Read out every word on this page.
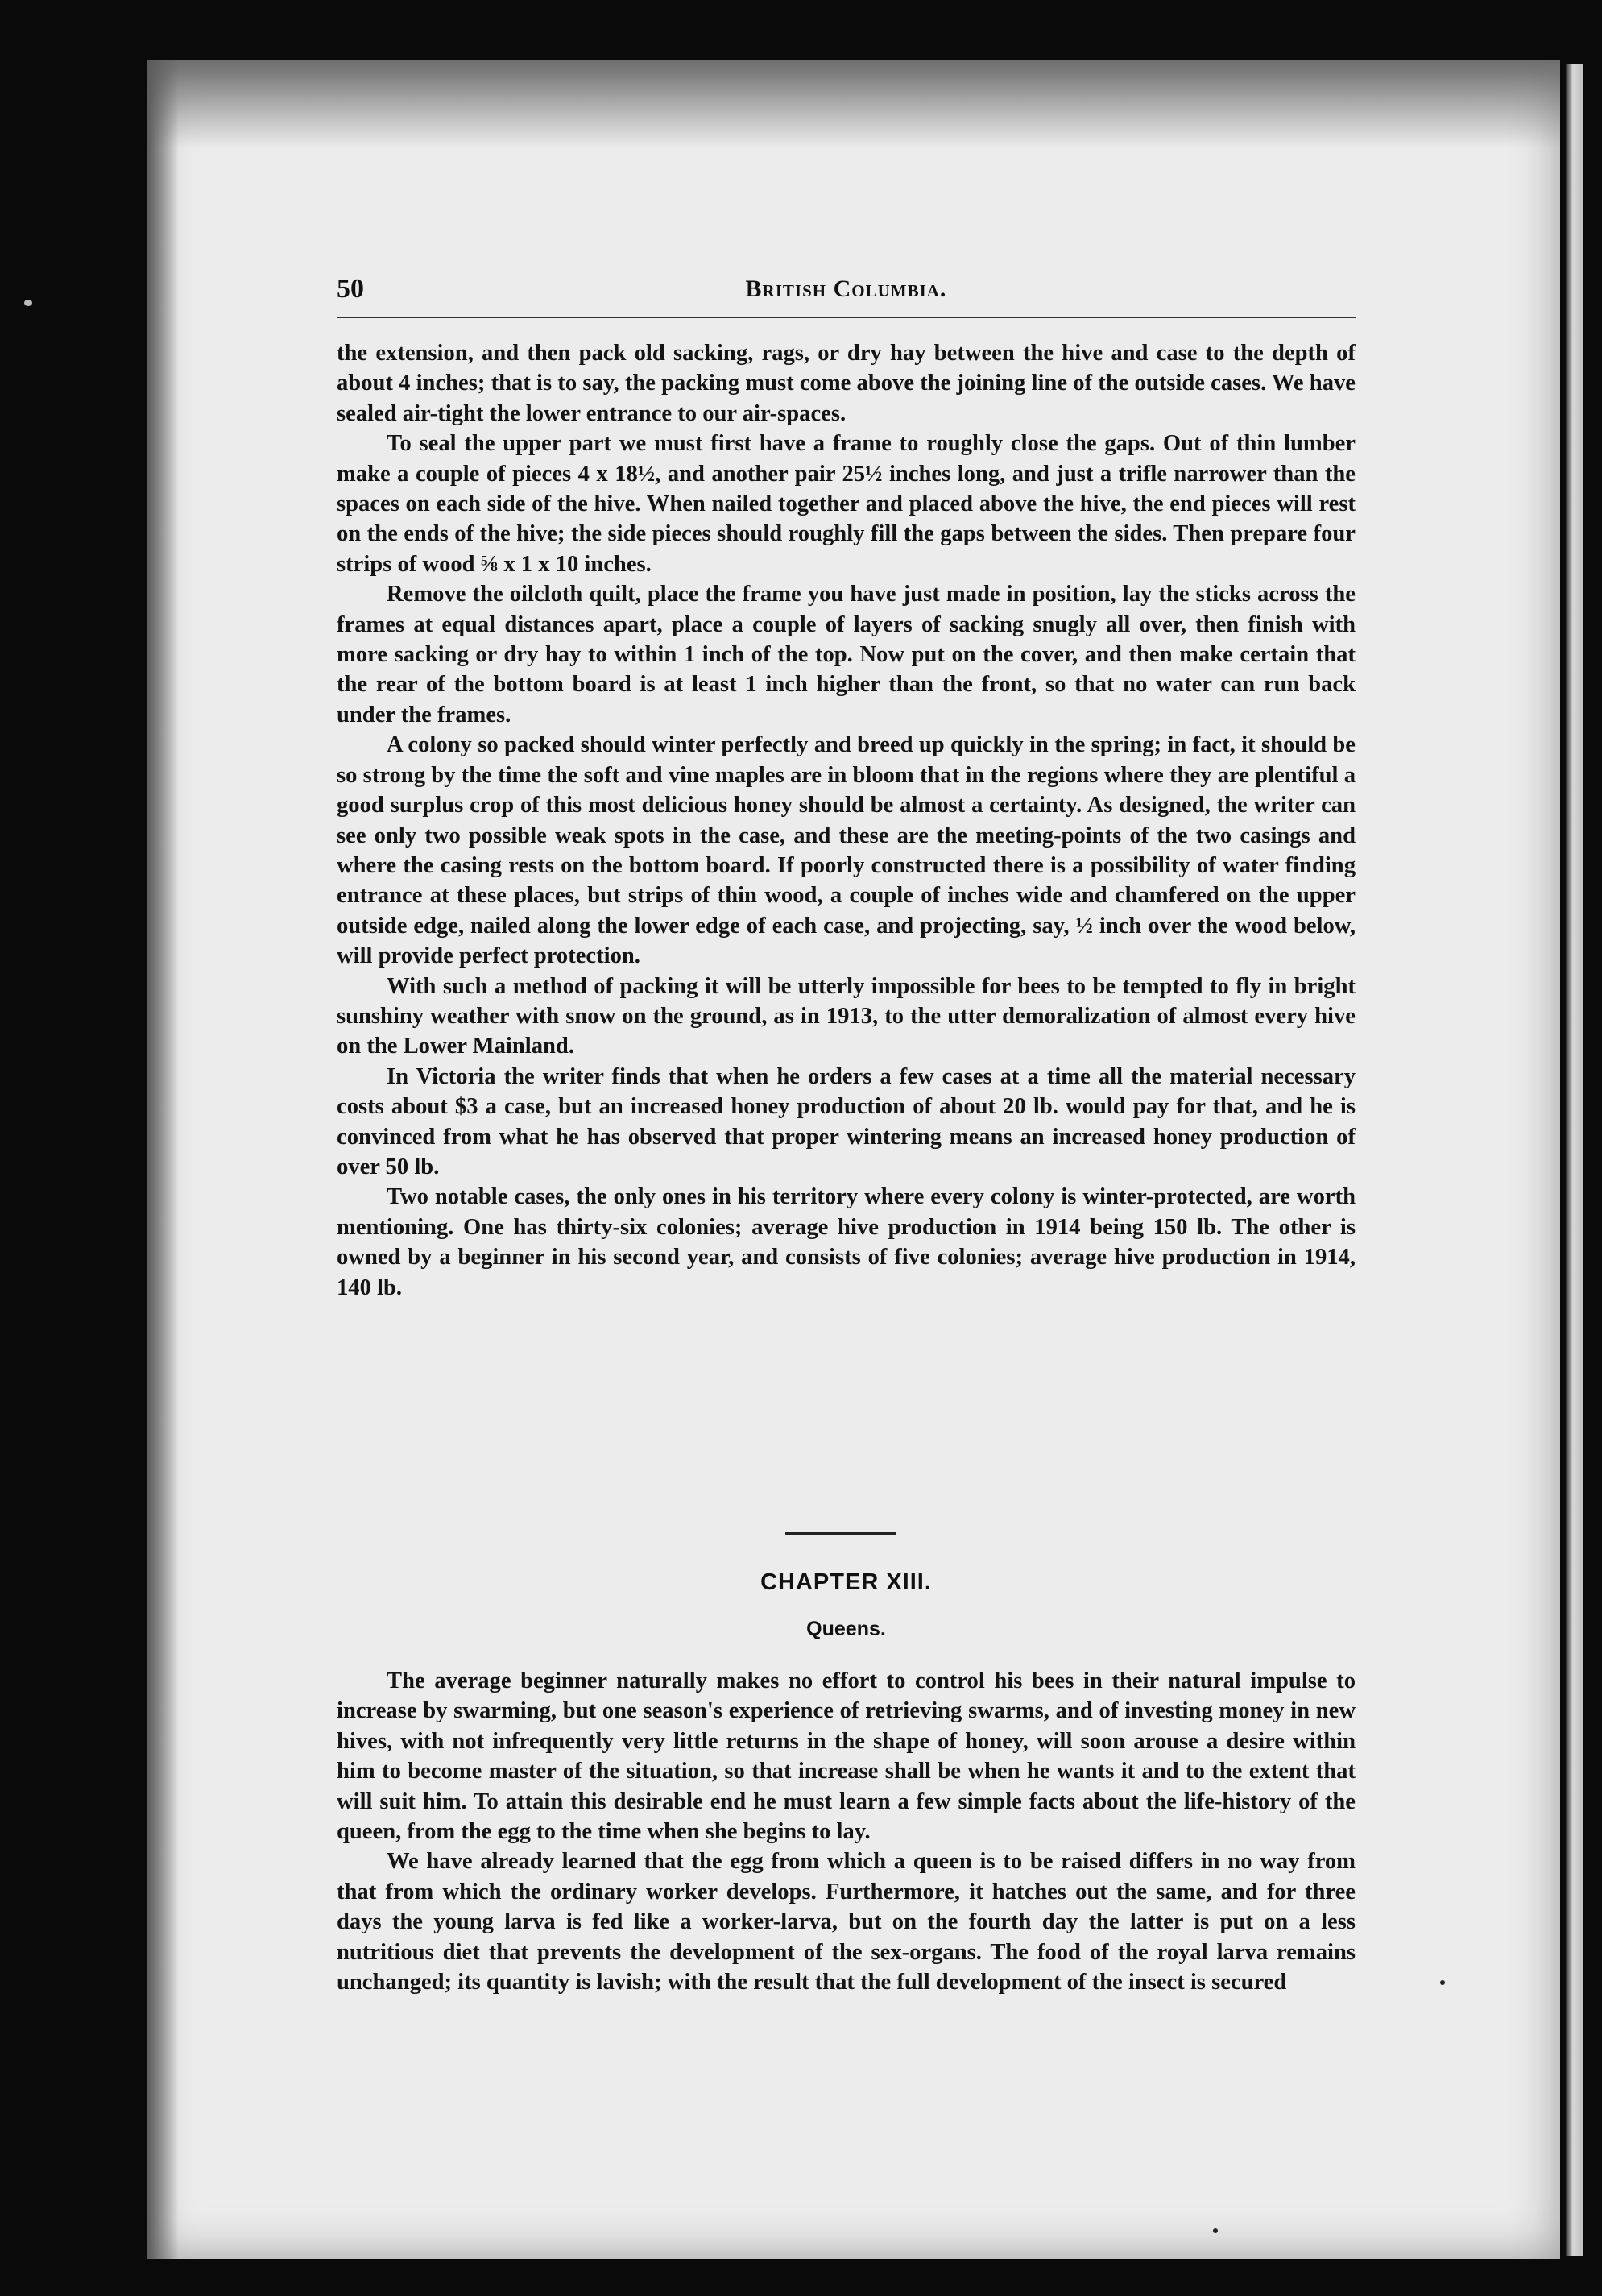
50	British Columbia.

the extension, and then pack old sacking, rags, or dry hay between the hive and case to the depth of about 4 inches; that is to say, the packing must come above the joining line of the outside cases. We have sealed air-tight the lower entrance to our air-spaces.

To seal the upper part we must first have a frame to roughly close the gaps. Out of thin lumber make a couple of pieces 4 x 18½, and another pair 25½ inches long, and just a trifle narrower than the spaces on each side of the hive. When nailed together and placed above the hive, the end pieces will rest on the ends of the hive; the side pieces should roughly fill the gaps between the sides. Then prepare four strips of wood ⅝ x 1 x 10 inches.

Remove the oilcloth quilt, place the frame you have just made in position, lay the sticks across the frames at equal distances apart, place a couple of layers of sacking snugly all over, then finish with more sacking or dry hay to within 1 inch of the top. Now put on the cover, and then make certain that the rear of the bottom board is at least 1 inch higher than the front, so that no water can run back under the frames.

A colony so packed should winter perfectly and breed up quickly in the spring; in fact, it should be so strong by the time the soft and vine maples are in bloom that in the regions where they are plentiful a good surplus crop of this most delicious honey should be almost a certainty. As designed, the writer can see only two possible weak spots in the case, and these are the meeting-points of the two casings and where the casing rests on the bottom board. If poorly constructed there is a possibility of water finding entrance at these places, but strips of thin wood, a couple of inches wide and chamfered on the upper outside edge, nailed along the lower edge of each case, and projecting, say, ½ inch over the wood below, will provide perfect protection.

With such a method of packing it will be utterly impossible for bees to be tempted to fly in bright sunshiny weather with snow on the ground, as in 1913, to the utter demoralization of almost every hive on the Lower Mainland.

In Victoria the writer finds that when he orders a few cases at a time all the material necessary costs about $3 a case, but an increased honey production of about 20 lb. would pay for that, and he is convinced from what he has observed that proper wintering means an increased honey production of over 50 lb.

Two notable cases, the only ones in his territory where every colony is winter-protected, are worth mentioning. One has thirty-six colonies; average hive production in 1914 being 150 lb. The other is owned by a beginner in his second year, and consists of five colonies; average hive production in 1914, 140 lb.

CHAPTER XIII.
Queens.

The average beginner naturally makes no effort to control his bees in their natural impulse to increase by swarming, but one season's experience of retrieving swarms, and of investing money in new hives, with not infrequently very little returns in the shape of honey, will soon arouse a desire within him to become master of the situation, so that increase shall be when he wants it and to the extent that will suit him. To attain this desirable end he must learn a few simple facts about the life-history of the queen, from the egg to the time when she begins to lay.

We have already learned that the egg from which a queen is to be raised differs in no way from that from which the ordinary worker develops. Furthermore, it hatches out the same, and for three days the young larva is fed like a worker-larva, but on the fourth day the latter is put on a less nutritious diet that prevents the development of the sex-organs. The food of the royal larva remains unchanged; its quantity is lavish; with the result that the full development of the insect is secured
